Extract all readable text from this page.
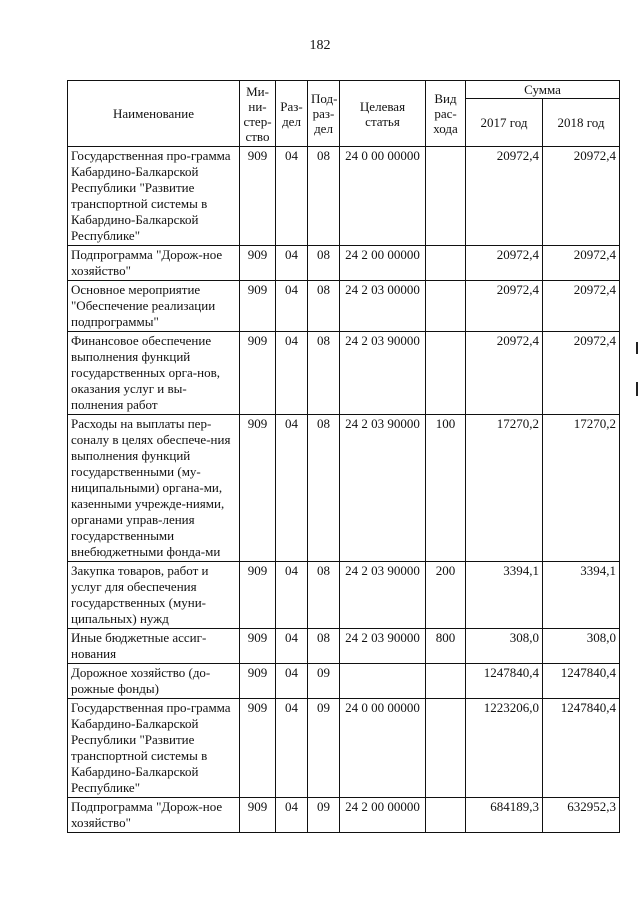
182
Наименование	Ми-ни-стер-ство	Раз-дел	Под-раз-дел	Целевая статья	Вид рас-хода	Сумма	
						2017 год	2018 год
Государственная про-грамма Кабардино-Балкарской Республики "Развитие транспортной системы в Кабардино-Балкарской Республике"	909	04	08	24 0 00 00000		20972,4	20972,4
Подпрограмма "Дорож-ное хозяйство"	909	04	08	24 2 00 00000		20972,4	20972,4
Основное мероприятие "Обеспечение реализации подпрограммы"	909	04	08	24 2 03 00000		20972,4	20972,4
Финансовое обеспечение выполнения функций государственных орга-нов, оказания услуг и вы-полнения работ	909	04	08	24 2 03 90000		20972,4	20972,4
Расходы на выплаты пер-соналу в целях обеспече-ния выполнения функций государственными (му-ниципальными) органа-ми, казенными учрежде-ниями, органами управ-ления государственными внебюджетными фонда-ми	909	04	08	24 2 03 90000	100	17270,2	17270,2
Закупка товаров, работ и услуг для обеспечения государственных (муни-ципальных) нужд	909	04	08	24 2 03 90000	200	3394,1	3394,1
Иные бюджетные ассиг-нования	909	04	08	24 2 03 90000	800	308,0	308,0
Дорожное хозяйство (до-рожные фонды)	909	04	09			1247840,4	1247840,4
Государственная про-грамма Кабардино-Балкарской Республики "Развитие транспортной системы в Кабардино-Балкарской Республике"	909	04	09	24 0 00 00000		1223206,0	1247840,4
Подпрограмма "Дорож-ное хозяйство"	909	04	09	24 2 00 00000		684189,3	632952,3
